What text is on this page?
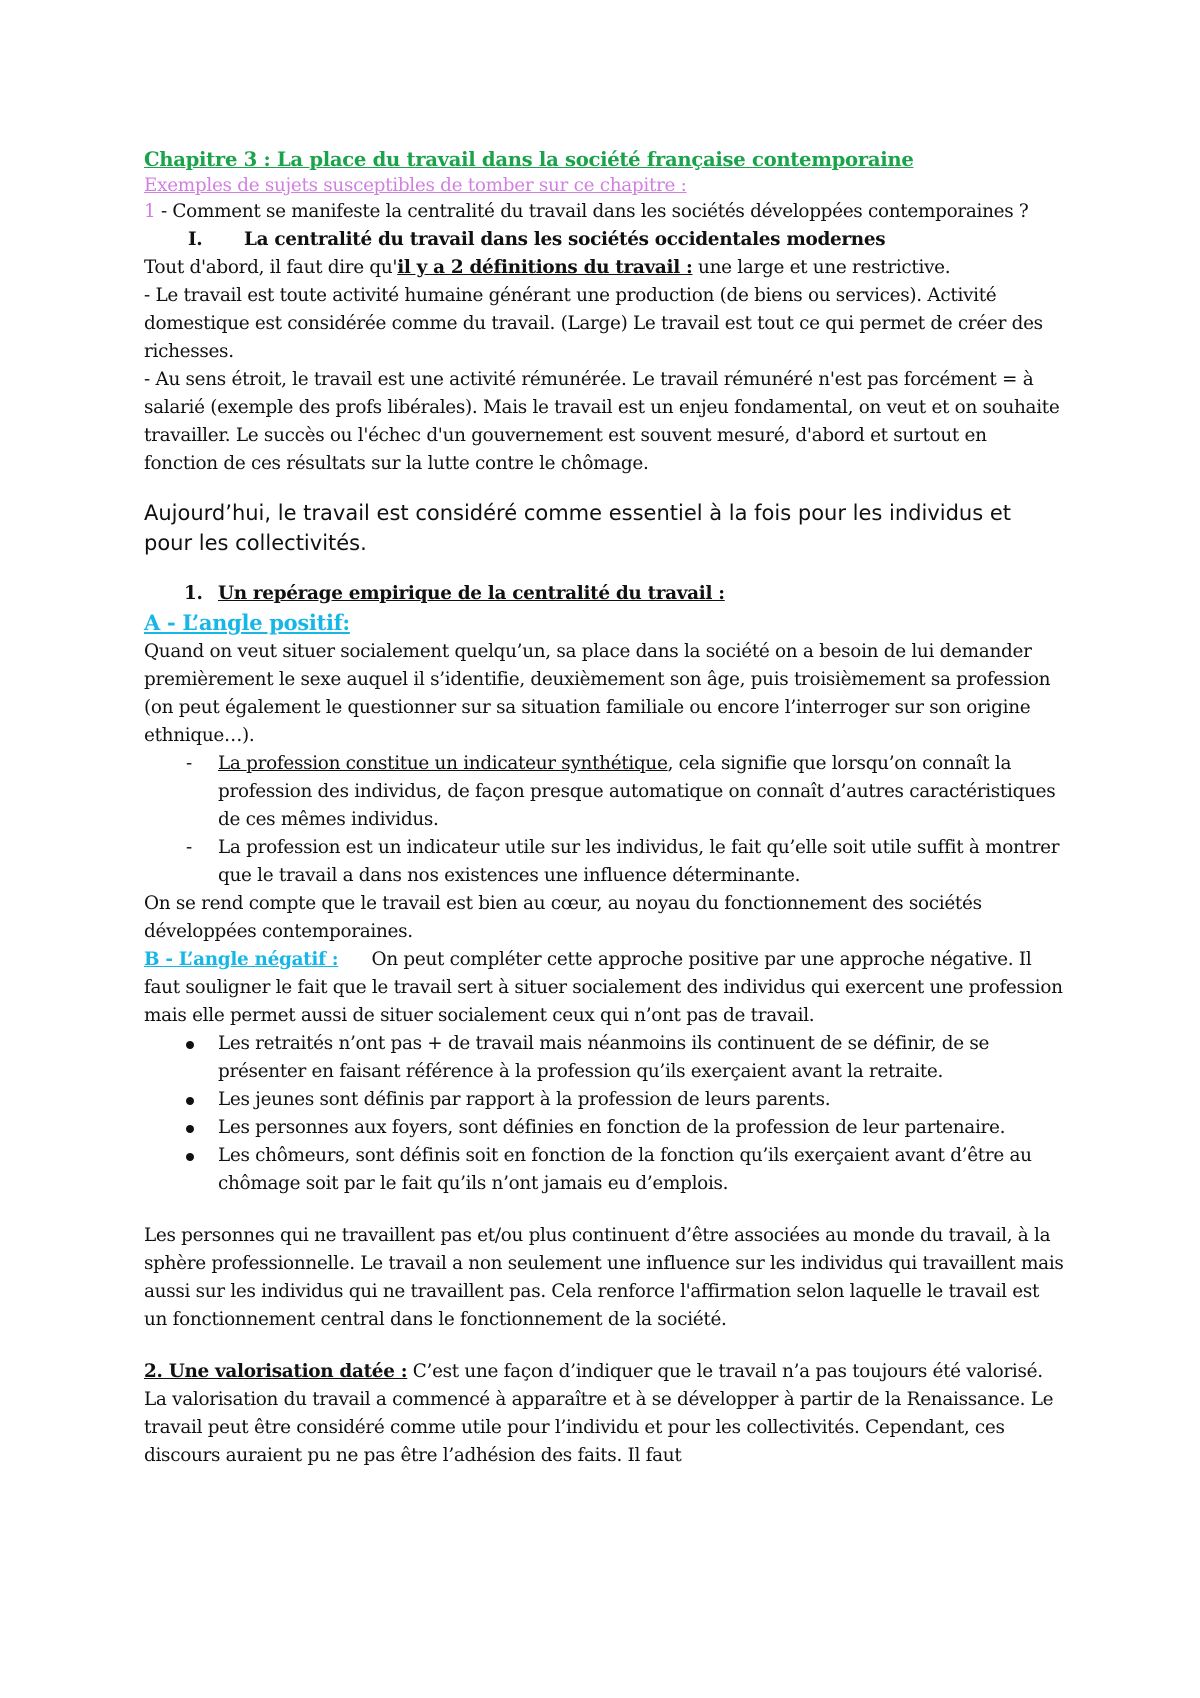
Chapitre 3 : La place du travail dans la société française contemporaine

Exemples de sujets susceptibles de tomber sur ce chapitre :

1 - Comment se manifeste la centralité du travail dans les sociétés développées contemporaines ?

I.	La centralité du travail dans les sociétés occidentales modernes

Tout d'abord, il faut dire qu'il y a 2 définitions du travail : une large et une restrictive.

- Le travail est toute activité humaine générant une production (de biens ou services). Activité domestique est considérée comme du travail. (Large) Le travail est tout ce qui permet de créer des richesses.

- Au sens étroit, le travail est une activité rémunérée. Le travail rémunéré n'est pas forcément = à salarié (exemple des profs libérales). Mais le travail est un enjeu fondamental, on veut et on souhaite travailler. Le succès ou l'échec d'un gouvernement est souvent mesuré, d'abord et surtout en fonction de ces résultats sur la lutte contre le chômage.

Aujourd’hui, le travail est considéré comme essentiel à la fois pour les individus et pour les collectivités.

1. Un repérage empirique de la centralité du travail :

A - L’angle positif:

Quand on veut situer socialement quelqu’un, sa place dans la société on a besoin de lui demander premièrement le sexe auquel il s’identifie, deuxièmement son âge, puis troisièmement sa profession (on peut également le questionner sur sa situation familiale ou encore l’interroger sur son origine ethnique…).

-	La profession constitue un indicateur synthétique, cela signifie que lorsqu’on connaît la profession des individus, de façon presque automatique on connaît d’autres caractéristiques de ces mêmes individus.
-	La profession est un indicateur utile sur les individus, le fait qu’elle soit utile suffit à montrer que le travail a dans nos existences une influence déterminante.

On se rend compte que le travail est bien au cœur, au noyau du fonctionnement des sociétés développées contemporaines.

B - L’angle négatif :      On peut compléter cette approche positive par une approche négative. Il faut souligner le fait que le travail sert à situer socialement des individus qui exercent une profession mais elle permet aussi de situer socialement ceux qui n’ont pas de travail.

Les retraités n’ont pas + de travail mais néanmoins ils continuent de se définir, de se présenter en faisant référence à la profession qu’ils exerçaient avant la retraite.
Les jeunes sont définis par rapport à la profession de leurs parents.
Les personnes aux foyers, sont définies en fonction de la profession de leur partenaire.
Les chômeurs, sont définis soit en fonction de la fonction qu’ils exerçaient avant d’être au chômage soit par le fait qu’ils n’ont jamais eu d’emplois.

Les personnes qui ne travaillent pas et/ou plus continuent d’être associées au monde du travail, à la sphère professionnelle. Le travail a non seulement une influence sur les individus qui travaillent mais aussi sur les individus qui ne travaillent pas. Cela renforce l'affirmation selon laquelle le travail est un fonctionnement central dans le fonctionnement de la société.

2. Une valorisation datée : C’est une façon d’indiquer que le travail n’a pas toujours été valorisé. La valorisation du travail a commencé à apparaître et à se développer à partir de la Renaissance. Le travail peut être considéré comme utile pour l’individu et pour les collectivités. Cependant, ces discours auraient pu ne pas être l’adhésion des faits. Il faut
